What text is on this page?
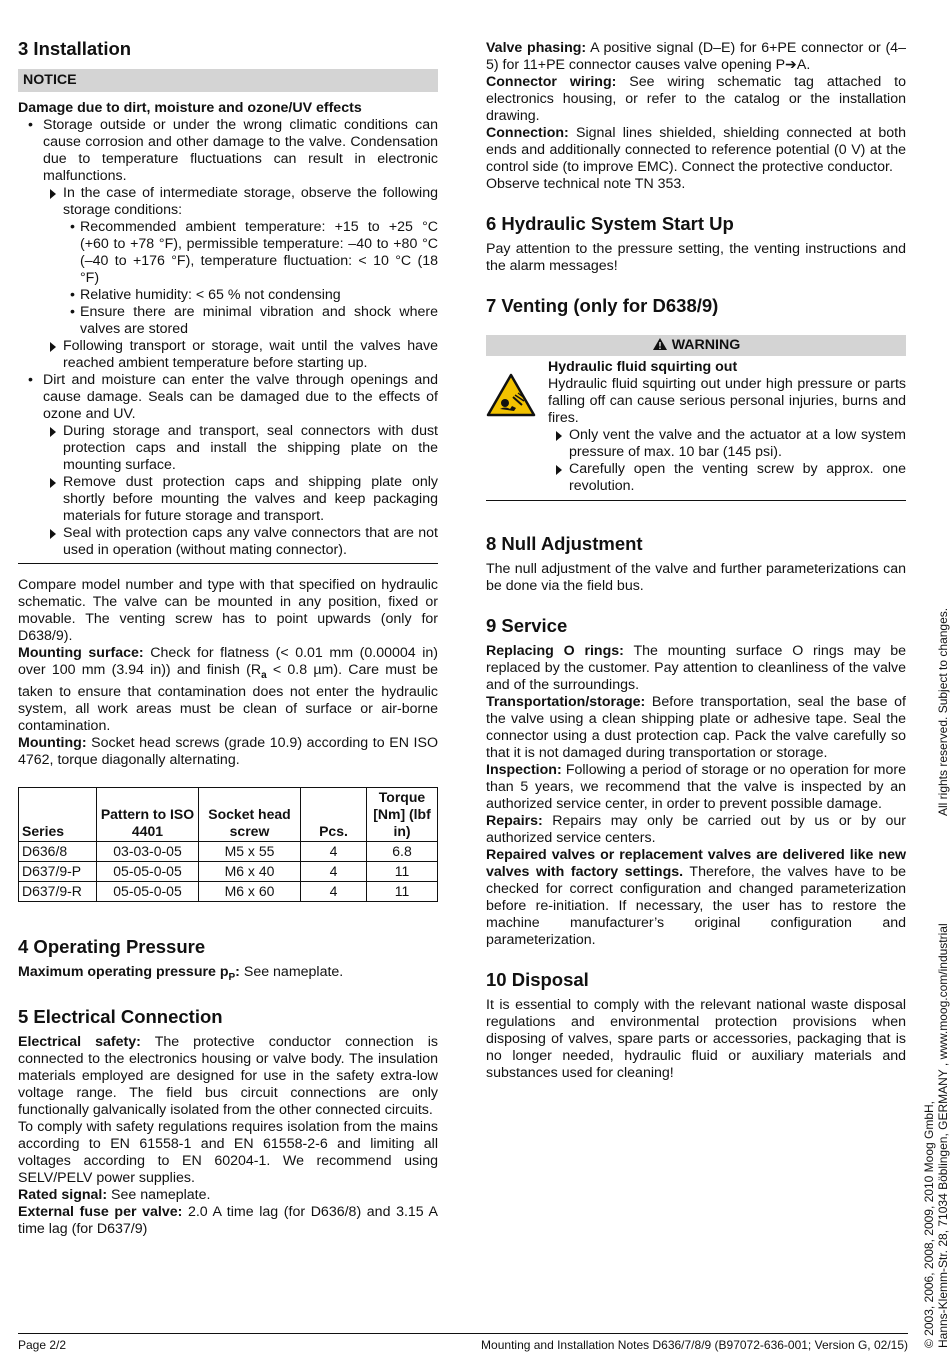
3 Installation
NOTICE
Damage due to dirt, moisture and ozone/UV effects

• Storage outside or under the wrong climatic conditions can cause corrosion and other damage to the valve. Condensation due to temperature fluctuations can result in electronic malfunctions.

In the case of intermediate storage, observe the following storage conditions:

• Recommended ambient temperature: +15 to +25 °C (+60 to +78 °F), permissible temperature: –40 to +80 °C (–40 to +176 °F), temperature fluctuation: < 10 °C (18 °F)

• Relative humidity: < 65 % not condensing

• Ensure there are minimal vibration and shock where valves are stored

Following transport or storage, wait until the valves have reached ambient temperature before starting up.

• Dirt and moisture can enter the valve through openings and cause damage. Seals can be damaged due to the effects of ozone and UV.

During storage and transport, seal connectors with dust protection caps and install the shipping plate on the mounting surface.

Remove dust protection caps and shipping plate only shortly before mounting the valves and keep packaging materials for future storage and transport.

Seal with protection caps any valve connectors that are not used in operation (without mating connector).

Compare model number and type with that specified on hydraulic schematic. The valve can be mounted in any position, fixed or movable. The venting screw has to point upwards (only for D638/9).

Mounting surface: Check for flatness (< 0.01 mm (0.00004 in) over 100 mm (3.94 in)) and finish ($R_a < 0.8$ µm). Care must be taken to ensure that contamination does not enter the hydraulic system, all work areas must be clean of surface or air-borne contamination.

Mounting: Socket head screws (grade 10.9) according to EN ISO 4762, torque diagonally alternating.

Series	Pattern to ISO 4401	Socket head screw	Pcs.	Torque [Nm] (lbf in)
D636/8	03-03-0-05	M5 x 55	4	6.8
D637/9-P	05-05-0-05	M6 x 40	4	11
D637/9-R	05-05-0-05	M6 x 60	4	11
4 Operating Pressure

Maximum operating pressure $p_P$: See nameplate.

5 Electrical Connection

Electrical safety: The protective conductor connection is connected to the electronics housing or valve body. The insulation materials employed are designed for use in the safety extra-low voltage range. The field bus circuit connections are only functionally galvanically isolated from the other connected circuits.

To comply with safety regulations requires isolation from the mains according to EN 61558-1 and EN 61558-2-6 and limiting all voltages according to EN 60204-1. We recommend using SELV/PELV power supplies.

Rated signal: See nameplate.

External fuse per valve: 2.0 A time lag (for D636/8) and 3.15 A time lag (for D637/9)

Valve phasing: A positive signal (D–E) for 6+PE connector or (4–5) for 11+PE connector causes valve opening P➔A.

Connector wiring: See wiring schematic tag attached to electronics housing, or refer to the catalog or the installation drawing.

Connection: Signal lines shielded, shielding connected at both ends and additionally connected to reference potential (0 V) at the control side (to improve EMC). Connect the protective conductor.

Observe technical note TN 353.

6 Hydraulic System Start Up

Pay attention to the pressure setting, the venting instructions and the alarm messages!

7 Venting (only for D638/9)
WARNING
Hydraulic fluid squirting out

Hydraulic fluid squirting out under high pressure or parts falling off can cause serious personal injuries, burns and fires.

Only vent the valve and the actuator at a low system pressure of max. 10 bar (145 psi).

Carefully open the venting screw by approx. one revolution.

8 Null Adjustment

The null adjustment of the valve and further parameterizations can be done via the field bus.

9 Service

Replacing O rings: The mounting surface O rings may be replaced by the customer. Pay attention to cleanliness of the valve and of the surroundings.

Transportation/storage: Before transportation, seal the base of the valve using a clean shipping plate or adhesive tape. Seal the connector using a dust protection cap. Pack the valve carefully so that it is not damaged during transportation or storage.

Inspection: Following a period of storage or no operation for more than 5 years, we recommend that the valve is inspected by an authorized service center, in order to prevent possible damage.

Repairs: Repairs may only be carried out by us or by our authorized service centers.

Repaired valves or replacement valves are delivered like new valves with factory settings. Therefore, the valves have to be checked for correct configuration and changed parameterization before re-initiation. If necessary, the user has to restore the machine manufacturer’s original configuration and parameterization.

10 Disposal

It is essential to comply with the relevant national waste disposal regulations and environmental protection provisions when disposing of valves, spare parts or accessories, packaging that is no longer needed, hydraulic fluid or auxiliary materials and substances used for cleaning!

© 2003, 2006, 2008, 2009, 2010 Moog GmbH,
All rights reserved. Subject to changes.
Hanns-Klemm-Str. 28, 71034 Böblingen, GERMANY , www.moog.com/industrial
Page 2/2	Mounting and Installation Notes D636/7/8/9 (B97072-636-001; Version G, 02/15)
